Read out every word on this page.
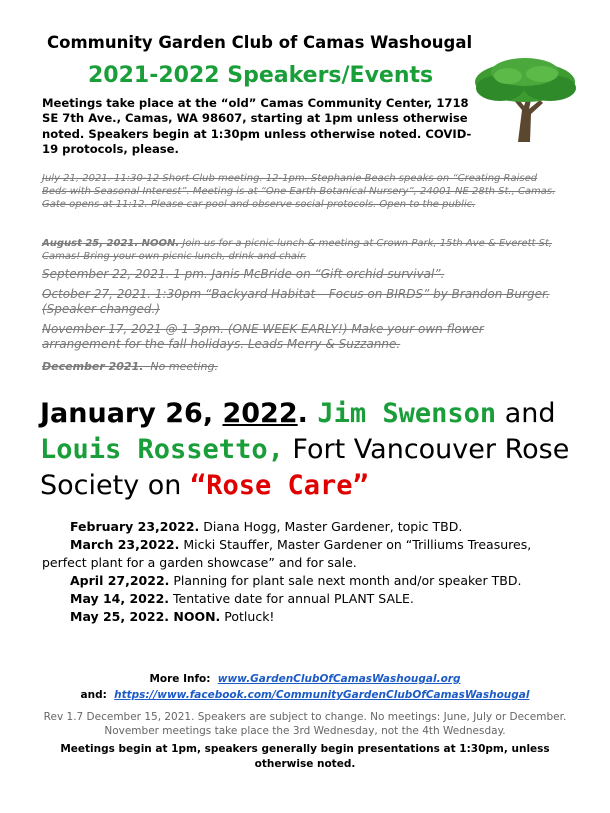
Community Garden Club of Camas Washougal
2021-2022 Speakers/Events
Meetings take place at the “old” Camas Community Center, 1718 SE 7th Ave., Camas, WA 98607, starting at 1pm unless otherwise noted. Speakers begin at 1:30pm unless otherwise noted. COVID-19 protocols, please.
July 21, 2021. 11:30-12 Short Club meeting. 12-1pm. Stephanie Beach speaks on “Creating Raised Beds with Seasonal Interest”. Meeting is at “One Earth Botanical Nursery”, 24001 NE 28th St., Camas. Gate opens at 11:12. Please car pool and observe social protocols. Open to the public.
August 25, 2021. NOON. Join us for a picnic lunch & meeting at Crown Park, 15th Ave & Everett St, Camas! Bring your own picnic lunch, drink and chair.
September 22, 2021. 1 pm. Janis McBride on “Gift orchid survival”.
October 27, 2021. 1:30pm “Backyard Habitat – Focus on BIRDS” by Brandon Burger. (Speaker changed.)
November 17, 2021 @ 1-3pm. (ONE WEEK EARLY!) Make your own flower arrangement for the fall holidays. Leads Merry & Suzzanne.
December 2021. No meeting.
January 26, 2022. Jim Swenson and Louis Rossetto, Fort Vancouver Rose Society on “Rose Care”
February 23,2022. Diana Hogg, Master Gardener, topic TBD.
March 23,2022. Micki Stauffer, Master Gardener on “Trilliums Treasures, perfect plant for a garden showcase” and for sale.
April 27,2022. Planning for plant sale next month and/or speaker TBD.
May 14, 2022. Tentative date for annual PLANT SALE.
May 25, 2022. NOON. Potluck!
More Info: www.GardenClubOfCamasWashougal.org
and: https://www.facebook.com/CommunityGardenClubOfCamasWashougal
Rev 1.7 December 15, 2021. Speakers are subject to change. No meetings: June, July or December. November meetings take place the 3rd Wednesday, not the 4th Wednesday.
Meetings begin at 1pm, speakers generally begin presentations at 1:30pm, unless otherwise noted.
